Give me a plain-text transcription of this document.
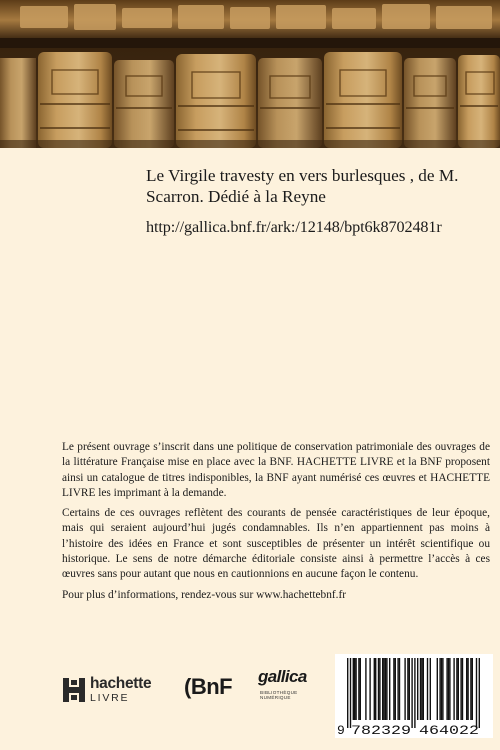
Le Virgile travesty en vers burlesques , de M. Scarron. Dédié à la Reyne
http://gallica.bnf.fr/ark:/12148/bpt6k8702481r

Le présent ouvrage s’inscrit dans une politique de conservation patrimoniale des ouvrages de la littérature Française mise en place avec la BNF. HACHETTE LIVRE et la BNF proposent ainsi un catalogue de titres indisponibles, la BNF ayant numérisé ces œuvres et HACHETTE LIVRE les imprimant à la demande.

Certains de ces ouvrages reflètent des courants de pensée caractéristiques de leur époque, mais qui seraient aujourd’hui jugés condamnables. Ils n’en appartiennent pas moins à l’histoire des idées en France et sont susceptibles de présenter un intérêt scientifique ou historique. Le sens de notre démarche éditoriale consiste ainsi à permettre l’accès à ces œuvres sans pour autant que nous en cautionnions en aucune façon le contenu.

Pour plus d’informations, rendez-vous sur www.hachettebnf.fr

hachette
LIVRE (BnF gallica
BIBLIOTHÈQUE
NUMÉRIQUE
9 782329 464022
